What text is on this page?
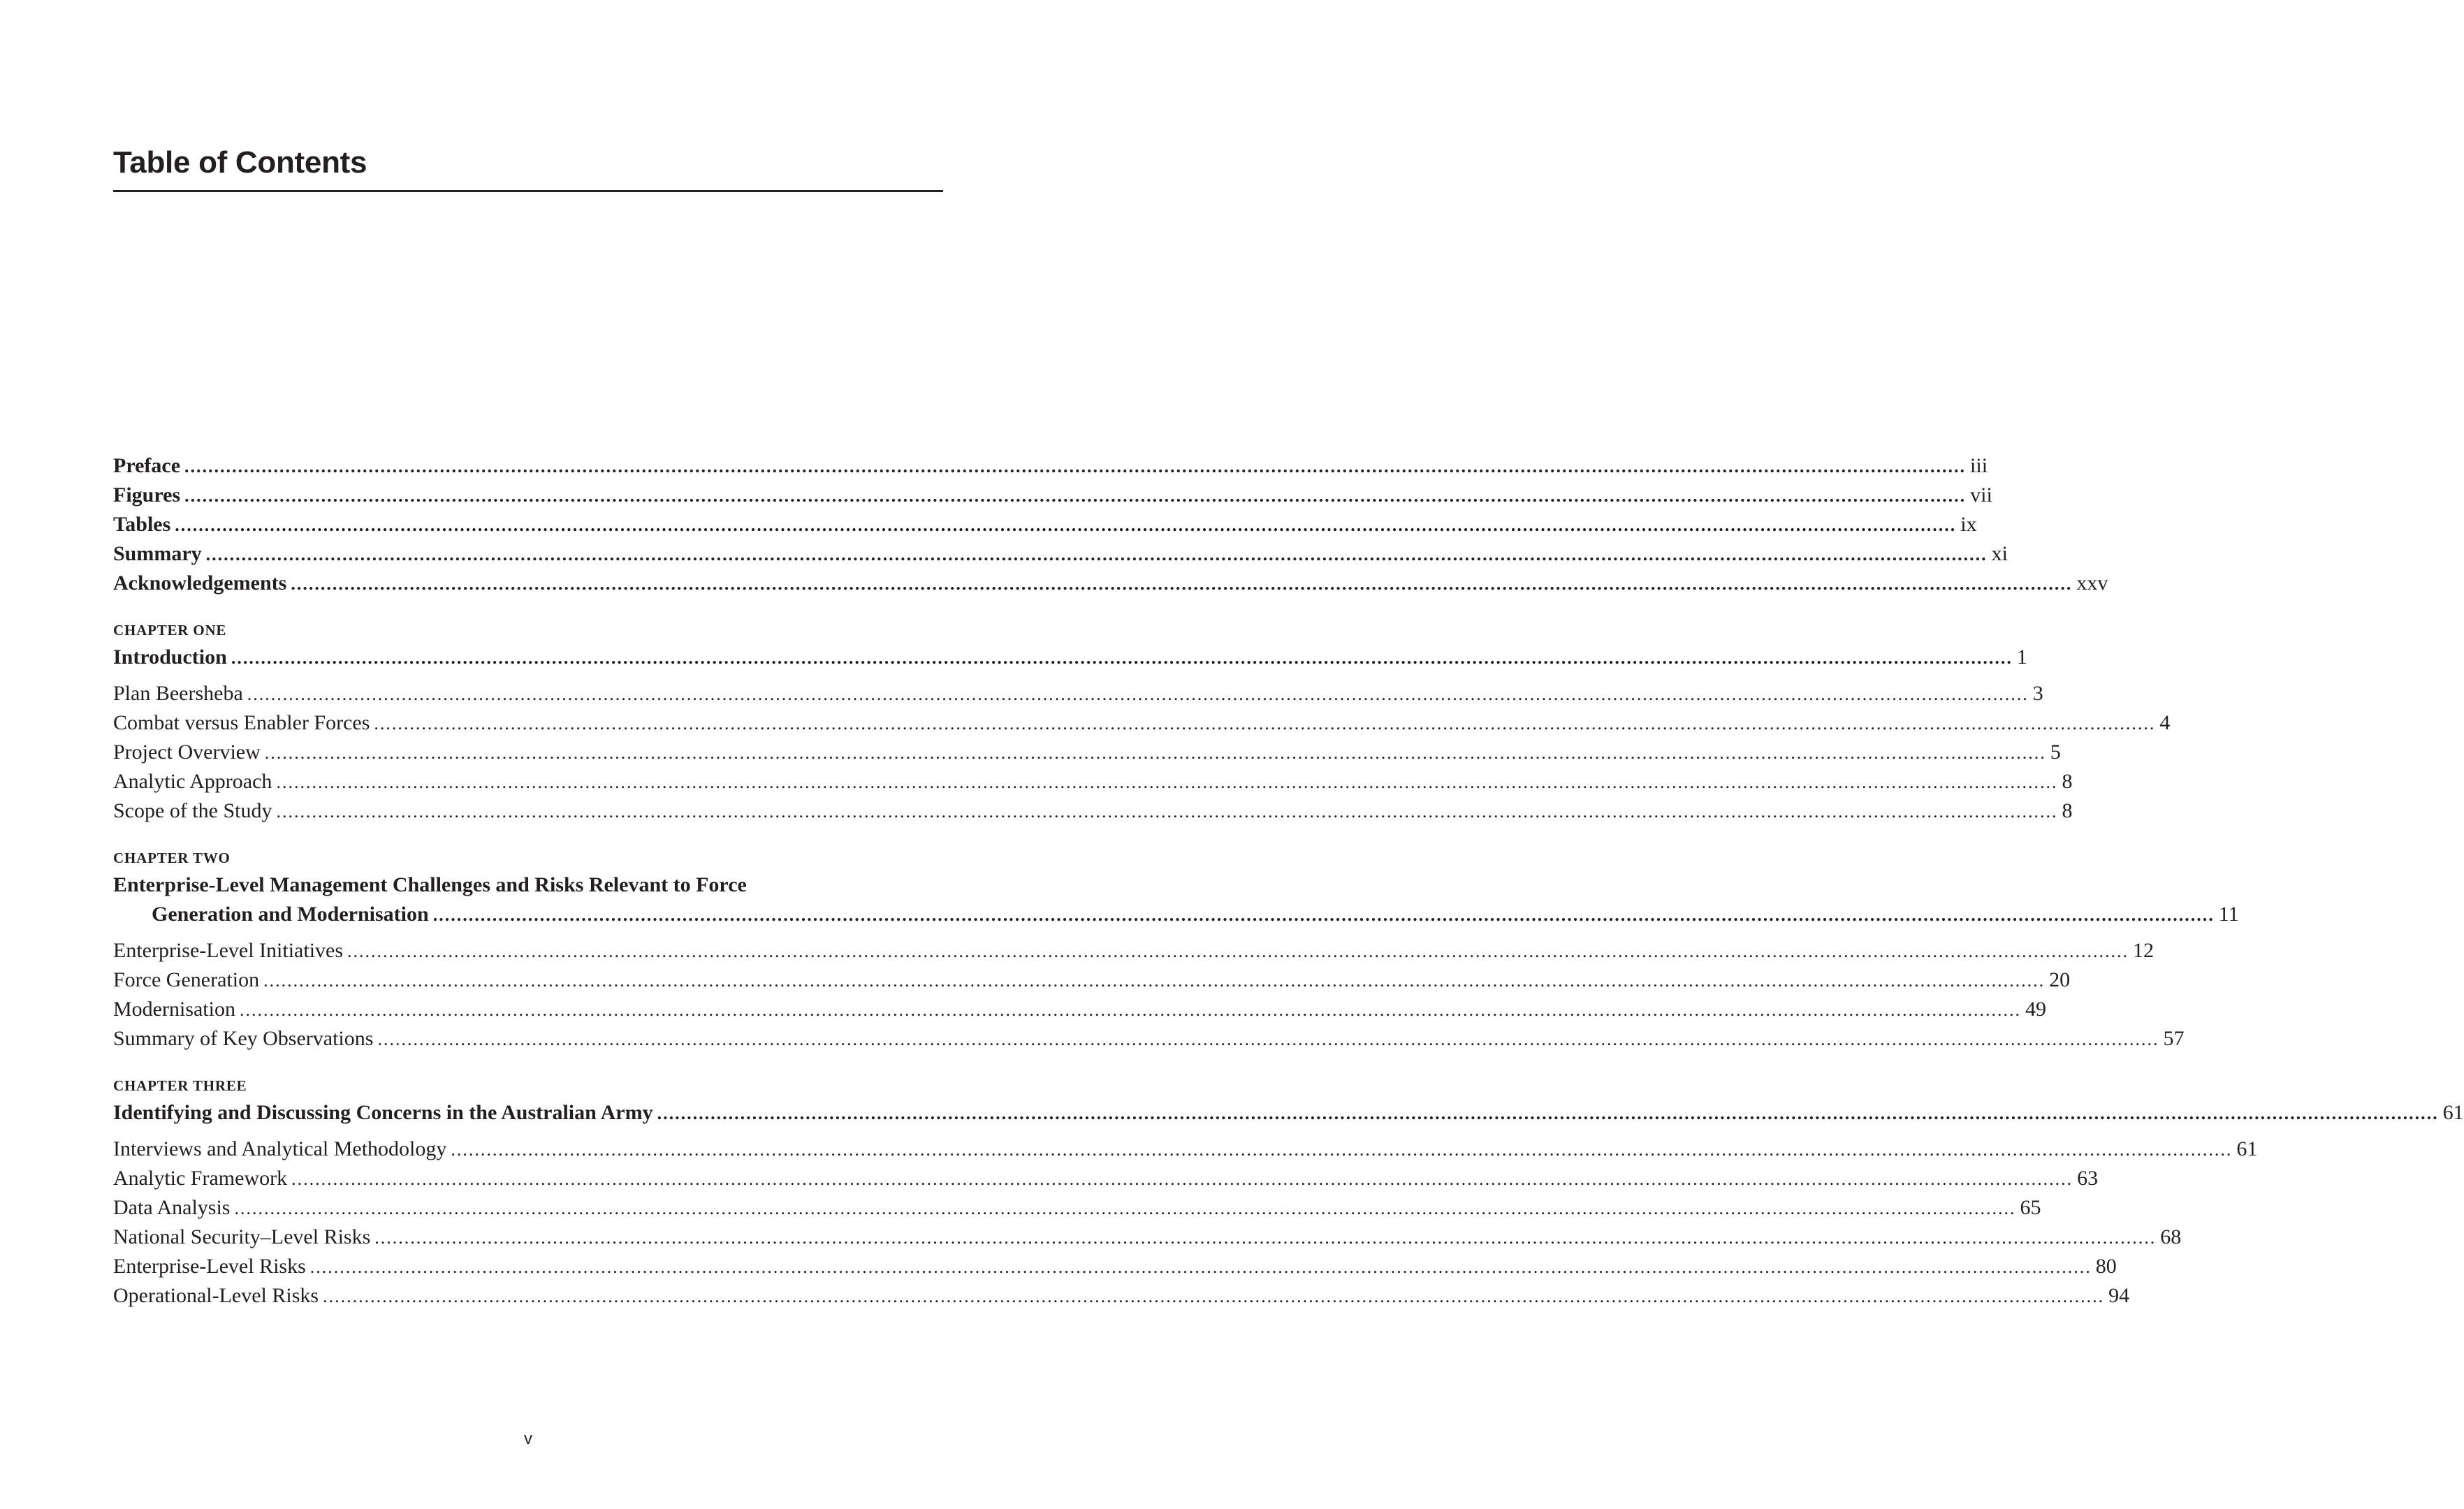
Table of Contents
Preface ............................................................................................................................................................................................................................................................................................................ iii
Figures ............................................................................................................................................................................................................................................................................................................ vii
Tables ............................................................................................................................................................................................................................................................................................................ ix
Summary ............................................................................................................................................................................................................................................................................................................ xi
Acknowledgements ............................................................................................................................................................................................................................................................................................................ xxv
CHAPTER ONE
Introduction ............................................................................................................................................................................................................................................................................................................ 1
Plan Beersheba ............................................................................................................................................................................................................................................................................................................ 3
Combat versus Enabler Forces ............................................................................................................................................................................................................................................................................................................ 4
Project Overview ............................................................................................................................................................................................................................................................................................................ 5
Analytic Approach ............................................................................................................................................................................................................................................................................................................ 8
Scope of the Study ............................................................................................................................................................................................................................................................................................................ 8
CHAPTER TWO
Enterprise-Level Management Challenges and Risks Relevant to Force
Generation and Modernisation ............................................................................................................................................................................................................................................................................................................ 11
Enterprise-Level Initiatives ............................................................................................................................................................................................................................................................................................................ 12
Force Generation ............................................................................................................................................................................................................................................................................................................ 20
Modernisation ............................................................................................................................................................................................................................................................................................................ 49
Summary of Key Observations ............................................................................................................................................................................................................................................................................................................ 57
CHAPTER THREE
Identifying and Discussing Concerns in the Australian Army ............................................................................................................................................................................................................................................................................................................ 61
Interviews and Analytical Methodology ............................................................................................................................................................................................................................................................................................................ 61
Analytic Framework ............................................................................................................................................................................................................................................................................................................ 63
Data Analysis ............................................................................................................................................................................................................................................................................................................ 65
National Security–Level Risks ............................................................................................................................................................................................................................................................................................................ 68
Enterprise-Level Risks ............................................................................................................................................................................................................................................................................................................ 80
Operational-Level Risks ............................................................................................................................................................................................................................................................................................................ 94
v
